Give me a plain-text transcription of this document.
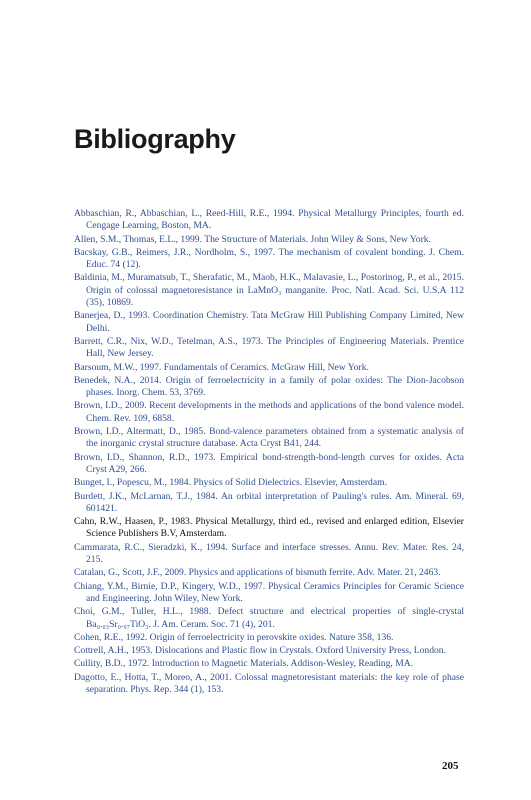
Bibliography
Abbaschian, R., Abbaschian, L., Reed-Hill, R.E., 1994. Physical Metallurgy Principles, fourth ed. Cengage Learning, Boston, MA.
Allen, S.M., Thomas, E.L., 1999. The Structure of Materials. John Wiley & Sons, New York.
Bacskay, G.B., Reimers, J.R., Nordholm, S., 1997. The mechanism of covalent bonding. J. Chem. Educ. 74 (12).
Baldinia, M., Muramatsub, T., Sherafatic, M., Maob, H.K., Malavasie, L., Postorinog, P., et al., 2015. Origin of colossal magnetoresistance in LaMnO₃ manganite. Proc. Natl. Acad. Sci. U.S.A 112 (35), 10869.
Banerjea, D., 1993. Coordination Chemistry. Tata McGraw Hill Publishing Company Limited, New Delhi.
Barrett, C.R., Nix, W.D., Tetelman, A.S., 1973. The Principles of Engineering Materials. Prentice Hall, New Jersey.
Barsoum, M.W., 1997. Fundamentals of Ceramics. McGraw Hill, New York.
Benedek, N.A., 2014. Origin of ferroelectricity in a family of polar oxides: The Dion-Jacobson phases. Inorg. Chem. 53, 3769.
Brown, I.D., 2009. Recent developments in the methods and applications of the bond valence model. Chem. Rev. 109, 6858.
Brown, I.D., Altermatt, D., 1985. Bond-valence parameters obtained from a systematic analysis of the inorganic crystal structure database. Acta Cryst B41, 244.
Brown, I.D., Shannon, R.D., 1973. Empirical bond-strength-bond-length curves for oxides. Acta Cryst A29, 266.
Bunget, I., Popescu, M., 1984. Physics of Solid Dielectrics. Elsevier, Amsterdam.
Burdett, J.K., McLarnan, T.J., 1984. An orbital interpretation of Pauling's rules. Am. Mineral. 69, 601421.
Cahn, R.W., Haasen, P., 1983. Physical Metallurgy, third ed., revised and enlarged edition, Elsevier Science Publishers B.V, Amsterdam.
Cammarata, R.C., Sieradzki, K., 1994. Surface and interface stresses. Annu. Rev. Mater. Res. 24, 215.
Catalan, G., Scott, J.F., 2009. Physics and applications of bismuth ferrite. Adv. Mater. 21, 2463.
Chiang, Y.M., Birnie, D.P., Kingery, W.D., 1997. Physical Ceramics Principles for Ceramic Science and Engineering. John Wiley, New York.
Choi, G.M., Tuller, H.L., 1988. Defect structure and electrical properties of single-crystal Ba₀.₀₃Sr₀.₉₇TiO₃. J. Am. Ceram. Soc. 71 (4), 201.
Cohen, R.E., 1992. Origin of ferroelectricity in perovskite oxides. Nature 358, 136.
Cottrell, A.H., 1953. Dislocations and Plastic flow in Crystals. Oxford University Press, London.
Cullity, B.D., 1972. Introduction to Magnetic Materials. Addison-Wesley, Reading, MA.
Dagotto, E., Hotta, T., Moreo, A., 2001. Colossal magnetoresistant materials: the key role of phase separation. Phys. Rep. 344 (1), 153.
205
